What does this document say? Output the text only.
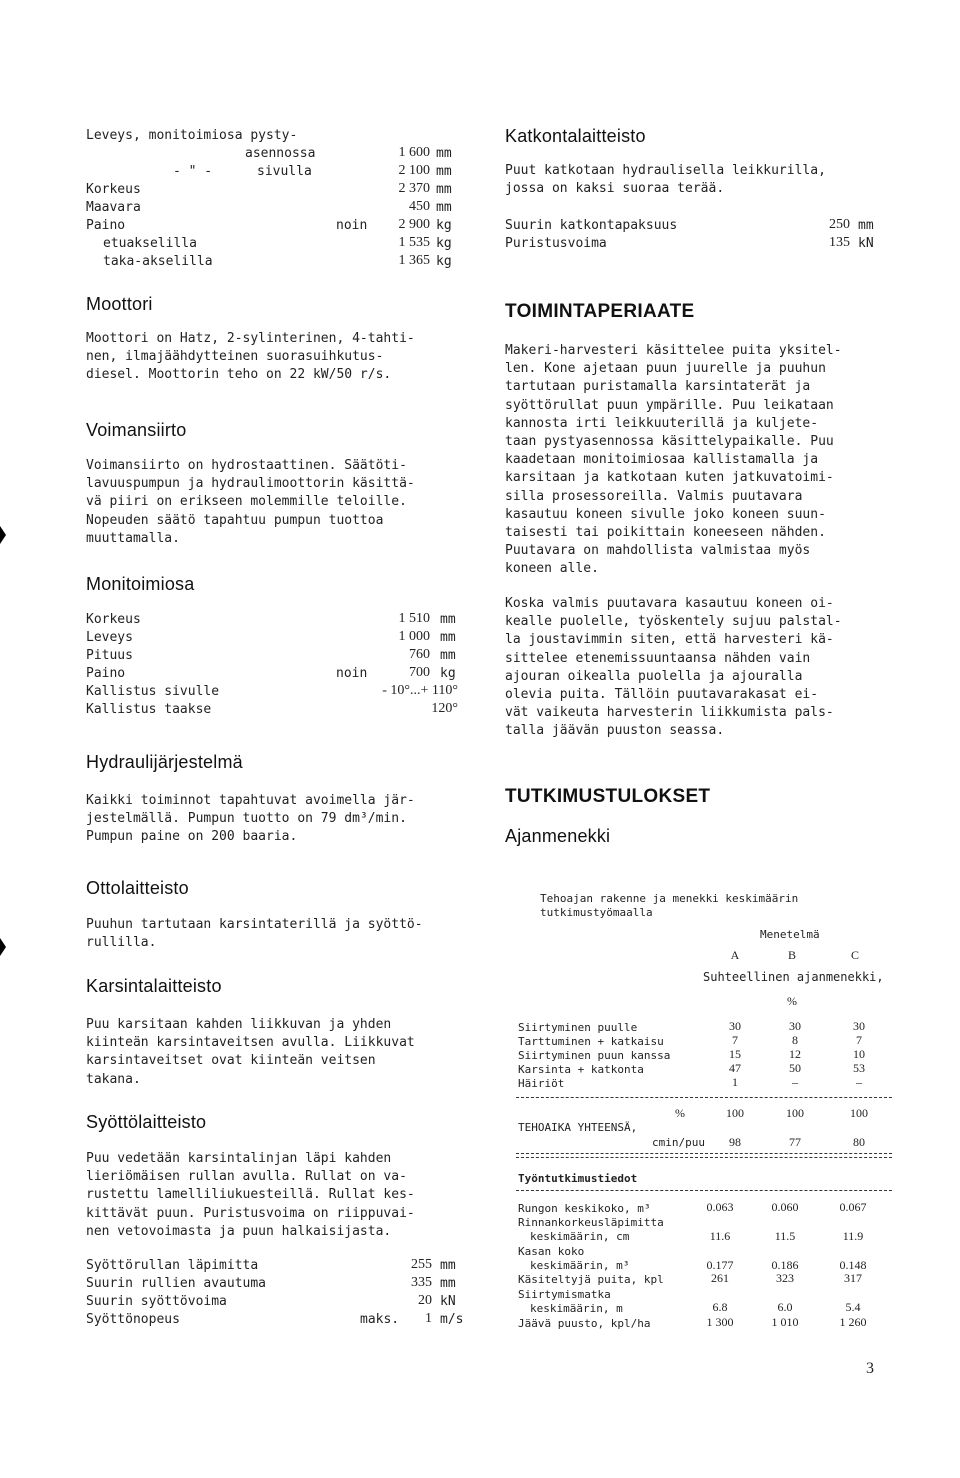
Leveys, monitoimiosa pysty-
asennossa	1 600 mm
- " -	sivulla	2 100 mm
Korkeus	2 370 mm
Maavara	450 mm
Paino	noin	2 900 kg
etuakselilla	1 535 kg
taka-akselilla	1 365 kg
Moottori
Moottori on Hatz, 2-sylinterinen, 4-tahti-
nen, ilmajäähdytteinen suorasuihkutus-
diesel. Moottorin teho on 22 kW/50 r/s.
Voimansiirto
Voimansiirto on hydrostaattinen. Säätöti-
lavuuspumpun ja hydraulimoottorin käsittä-
vä piiri on erikseen molemmille teloille.
Nopeuden säätö tapahtuu pumpun tuottoa
muuttamalla.
Monitoimiosa
Korkeus	1 510 mm
Leveys	1 000 mm
Pituus	760 mm
Paino	noin	700 kg
Kallistus sivulle	- 10°...+ 110°
Kallistus taakse	120°
Hydraulijärjestelmä
Kaikki toiminnot tapahtuvat avoimella jär-
jestelmällä. Pumpun tuotto on 79 dm³/min.
Pumpun paine on 200 baaria.
Ottolaitteisto
Puuhun tartutaan karsintaterillä ja syöttö-
rullilla.
Karsintalaitteisto
Puu karsitaan kahden liikkuvan ja yhden
kiinteän karsintaveitsen avulla. Liikkuvat
karsintaveitset ovat kiinteän veitsen
takana.
Syöttölaitteisto
Puu vedetään karsintalinjan läpi kahden
lieriömäisen rullan avulla. Rullat on va-
rustettu lamelliliukuesteillä. Rullat kes-
kittävät puun. Puristusvoima on riippuvai-
nen vetovoimasta ja puun halkaisijasta.
Syöttörullan läpimitta	255 mm
Suurin rullien avautuma	335 mm
Suurin syöttövoima	20 kN
Syöttönopeus	maks.	1 m/s
Katkontalaitteisto
Puut katkotaan hydraulisella leikkurilla,
jossa on kaksi suoraa terää.
Suurin katkontapaksuus	250 mm
Puristusvoima	135 kN
TOIMINTAPERIAATE
Makeri-harvesteri käsittelee puita yksitel-
len. Kone ajetaan puun juurelle ja puuhun
tartutaan puristamalla karsintaterät ja
syöttörullat puun ympärille. Puu leikataan
kannosta irti leikkuuterillä ja kuljete-
taan pystyasennossa käsittelypaikalle. Puu
kaadetaan monitoimiosaa kallistamalla ja
karsitaan ja katkotaan kuten jatkuvatoimi-
silla prosessoreilla. Valmis puutavara
kasautuu koneen sivulle joko koneen suun-
taisesti tai poikittain koneeseen nähden.
Puutavara on mahdollista valmistaa myös
koneen alle.
Koska valmis puutavara kasautuu koneen oi-
kealle puolelle, työskentely sujuu palstal-
la joustavimmin siten, että harvesteri kä-
sittelee etenemissuuntaansa nähden vain
ajouran oikealla puolella ja ajouralla
olevia puita. Tällöin puutavarakasat ei-
vät vaikeuta harvesterin liikkumista pals-
talla jäävän puuston seassa.
TUTKIMUSTULOKSET
Ajanmenekki
Tehoajan rakenne ja menekki keskimäärin
tutkimustyömaalla
Menetelmä
A	B	C
Suhteellinen ajanmenekki,
%
Siirtyminen puulle	30	30	30
Tarttuminen + katkaisu	7	8	7
Siirtyminen puun kanssa	15	12	10
Karsinta + katkonta	47	50	53
Häiriöt	1	–	–
%	100	100	100
TEHOAIKA YHTEENSÄ,
cmin/puu	98	77	80
Työntutkimustiedot
Rungon keskikoko, m³	0.063	0.060	0.067
Rinnankorkeusläpimitta
keskimäärin, cm	11.6	11.5	11.9
Kasan koko
keskimäärin, m³	0.177	0.186	0.148
Käsiteltyjä puita, kpl	261	323	317
Siirtymismatka
keskimäärin, m	6.8	6.0	5.4
Jäävä puusto, kpl/ha	1 300	1 010	1 260
3
